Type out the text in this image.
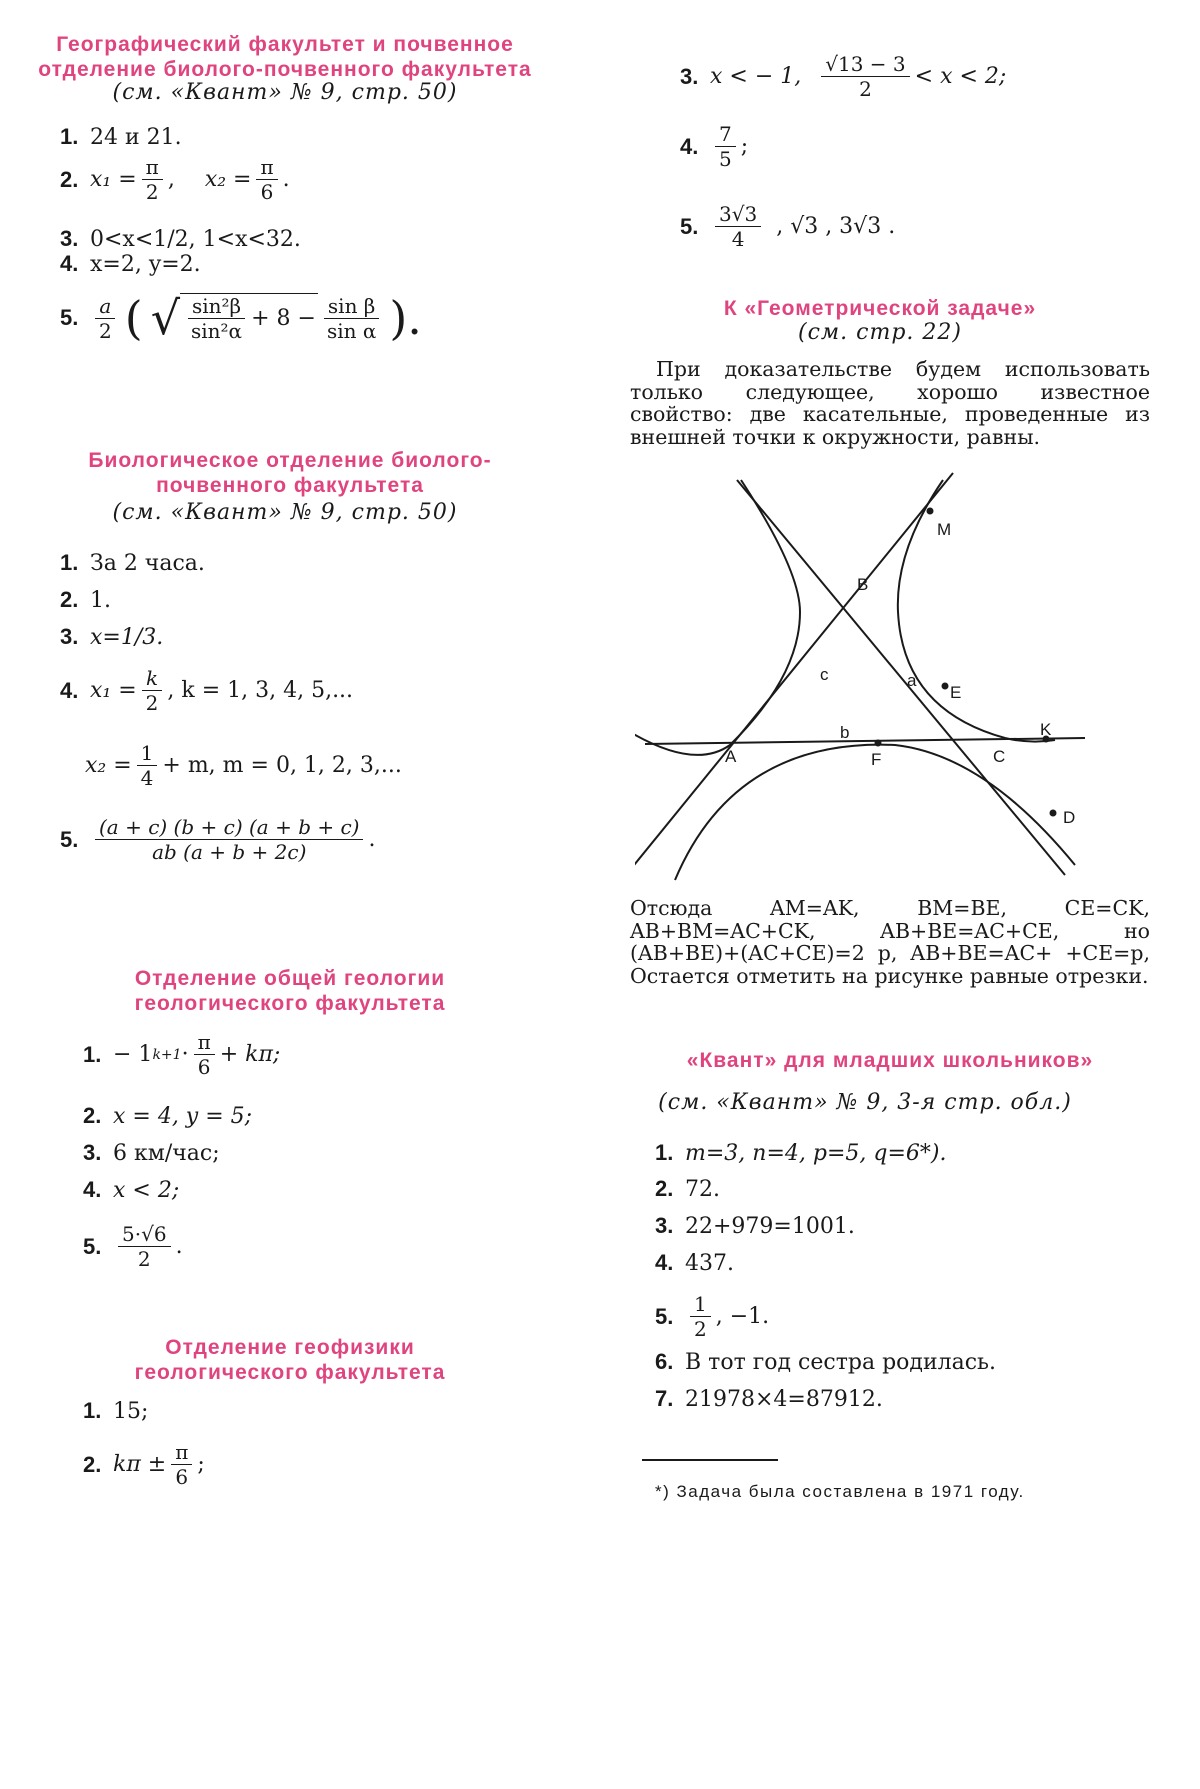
Географический факультет и почвенное отделение биолого-почвенного факультета
(см. «Квант» № 9, стр. 50)
1. 24 и 21.
2. $x_1 = \frac{\pi}{2}$ , $x_2 = \frac{\pi}{6}$ .
3. 0<x<1/2, 1<x<32.
4. x=2, y=2.
5.	a
2 ( √ sin²β
$\sin^2\alpha + 8 - \frac{\text{sin β}}{\text{sin α}}$ ).
Биологическое отделение биолого-почвенного факультета
(см. «Квант» № 9, стр. 50)
1. За 2 часа.
2. 1.
3. x=1/3.
4. $x_1 = \frac{k}{2}$ , k = 1, 3, 4, 5,...
$x_2 = \frac{1}{4} + m$, m = 0, 1, 2, 3,...
5.	(a + c) (b + c) (a + b + c)
ab (a + b + 2c)	.
Отделение общей геологии геологического факультета
1. − 1 k+1 · π
6 + kπ;
2. x = 4, y = 5;
3. 6 км/час;
4. x < 2;
5.	5·√6
2 .
Отделение геофизики геологического факультета
1. 15;
2. $k\pi \pm \frac{\pi}{6}$ ;
3. x < − 1, √13 − 3
2 < x < 2;
4.	7
5 ;
5.	3√3
4 , √3 , 3√3 .
К «Геометрической задаче»
(см. стр. 22)
При доказательстве будем использовать только следующее, хорошо известное свойство: две касательные, проведенные из внешней точки к окружности, равны.
M
B
c	a
E
K
A
b
F	C
D
Отсюда AM=AK, BM=BE, CE=CK, AB+BM=AC+CK, AB+BE=AC+CE, но (AB+BE)+(AC+CE)=2 p, AB+BE=AC+ +CE=p, Остается отметить на рисунке равные отрезки.
«Квант» для младших школьников»
(см. «Квант» № 9, 3-я стр. обл.)
1. m=3, n=4, p=5, q=6*).
2. 72.
3. 22+979=1001.
4. 437.
5.	1
2 , −1.
6. В тот год сестра родилась.
7. 21978×4=87912.
*) Задача была составлена в 1971 году.
